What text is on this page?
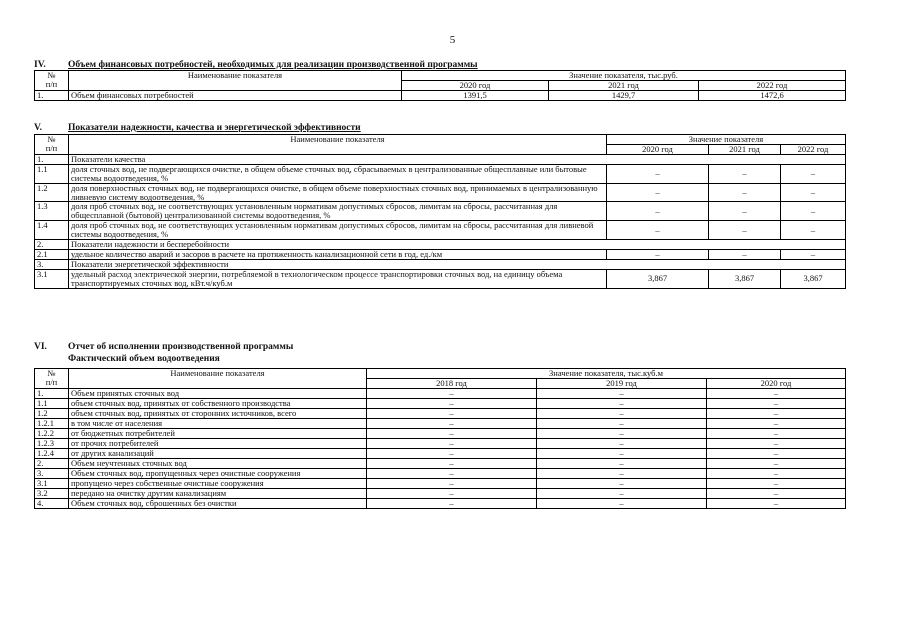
5
IV. Объем финансовых потребностей, необходимых для реализации производственной программы
№
п/п	Наименование показателя	Значение показателя, тыс.руб.		
		2020 год	2021 год	2022 год
1.	Объем финансовых потребностей	1391,5	1429,7	1472,6
V.	Показатели надежности, качества и энергетической эффективности
№
п/п	Наименование показателя	Значение показателя		
		2020 год	2021 год	2022 год
1.	Показатели качества			
1.1	доля сточных вод, не подвергающихся очистке, в общем объеме сточных вод, сбрасываемых в централизованные общесплавные или бытовые системы водоотведения, %	–	–	–
1.2	доля поверхностных сточных вод, не подвергающихся очистке, в общем объеме поверхностных сточных вод, принимаемых в централизованную ливневую систему водоотведения, %	–	–	–
1.3	доля проб сточных вод, не соответствующих установленным нормативам допустимых сбросов, лимитам на сбросы, рассчитанная для общесплавной (бытовой) централизованной системы водоотведения, %	–	–	–
1.4	доля проб сточных вод, не соответствующих установленным нормативам допустимых сбросов, лимитам на сбросы, рассчитанная для ливневой системы водоотведения, %	–	–	–
2.	Показатели надежности и бесперебойности			
2.1	удельное количество аварий и засоров в расчете на протяженность канализационной сети в год, ед./км	–	–	–
3.	Показатели энергетической эффективности			
3.1	удельный расход электрической энергии, потребляемой в технологическом процессе транспортировки сточных вод, на единицу объема транспортируемых сточных вод, кВт.ч/куб.м	3,867	3,867	3,867
VI. Отчет об исполнении производственной программы
Фактический объем водоотведения
№
п/п	Наименование показателя	Значение показателя, тыс.куб.м		
		2018 год	2019 год	2020 год
1.	Объем принятых сточных вод	–	–	–
1.1	объем сточных вод, принятых от собственного производства	–	–	–
1.2	объем сточных вод, принятых от сторонних источников, всего	–	–	–
1.2.1	в том числе от населения	–	–	–
1.2.2	от бюджетных потребителей	–	–	–
1.2.3	от прочих потребителей	–	–	–
1.2.4	от других канализаций	–	–	–
2.	Объем неучтенных сточных вод	–	–	–
3.	Объем сточных вод, пропущенных через очистные сооружения	–	–	–
3.1	пропущено через собственные очистные сооружения	–	–	–
3.2	передано на очистку другим канализациям	–	–	–
4.	Объем сточных вод, сброшенных без очистки	–	–	–
